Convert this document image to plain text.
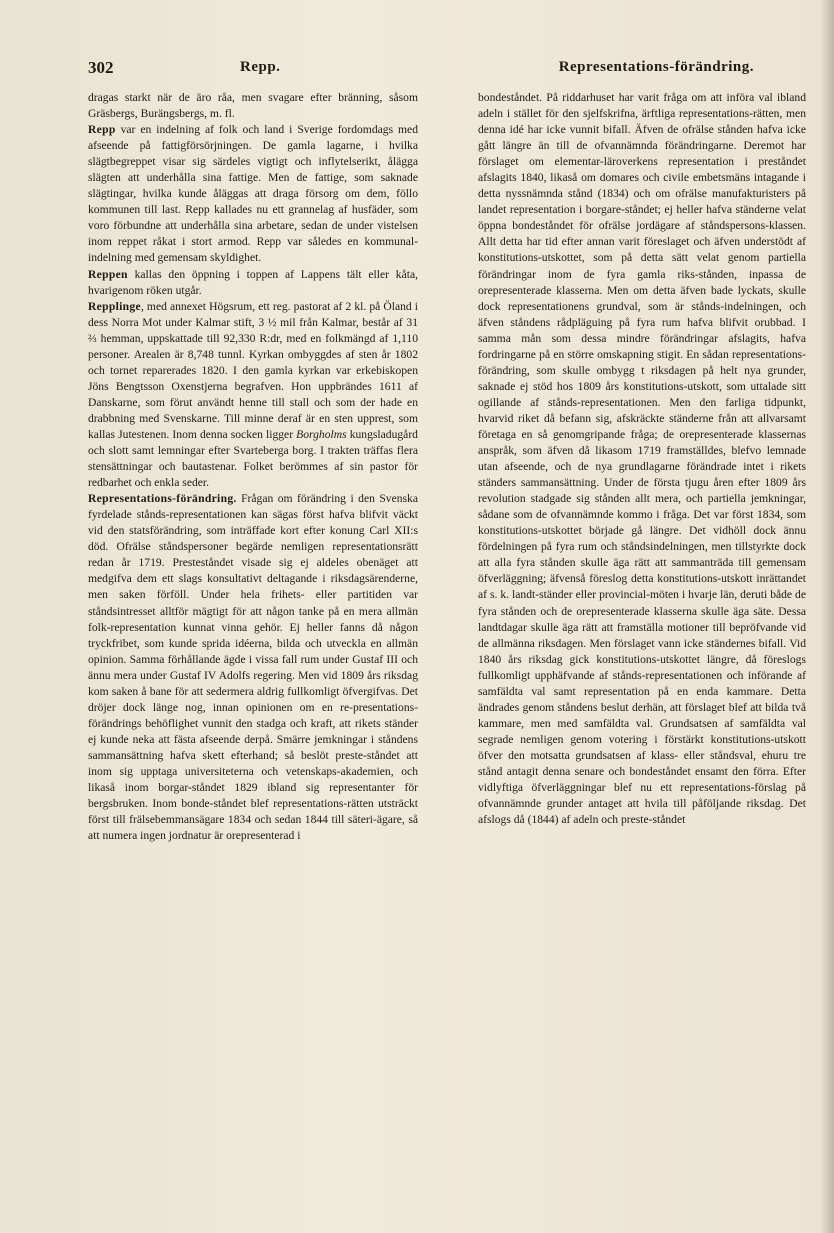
302	Repp.	Representations-förändring.

dragas starkt när de äro råa, men svagare efter bränning, såsom Gräsbergs, Burängsbergs, m. fl.

Repp var en indelning af folk och land i Sverige fordomdags med afseende på fattigförsörjningen. De gamla lagarne, i hvilka slägtbegreppet visar sig särdeles vigtigt och inflytelserikt, ålägga slägten att underhålla sina fattige. Men de fattige, som saknade slägtingar, hvilka kunde åläggas att draga försorg om dem, föllo kommunen till last. Repp kallades nu ett grannelag af husfäder, som voro förbundne att underhålla sina arbetare, sedan de under vistelsen inom reppet råkat i stort armod. Repp var således en kommunal-indelning med gemensam skyldighet.

Reppen kallas den öppning i toppen af Lappens tält eller kåta, hvarigenom röken utgår.

Repplinge, med annexet Högsrum, ett reg. pastorat af 2 kl. på Öland i dess Norra Mot under Kalmar stift, 3 ½ mil från Kalmar, består af 31 ⅔ hemman, uppskattade till 92,330 R:dr, med en folkmängd af 1,110 personer. Arealen är 8,748 tunnl. Kyrkan ombyggdes af sten år 1802 och tornet reparerades 1820. I den gamla kyrkan var erkebiskopen Jöns Bengtsson Oxenstjerna begrafven. Hon uppbrändes 1611 af Danskarne, som förut användt henne till stall och som der hade en drabbning med Svenskarne. Till minne deraf är en sten upprest, som kallas Jutestenen. Inom denna socken ligger Borgholms kungsladugård och slott samt lemningar efter Svarteberga borg. I trakten träffas flera stensättningar och bautastenar. Folket berömmes af sin pastor för redbarhet och enkla seder.

Representations-förändring. Frågan om förändring i den Svenska fyrdelade stånds-representationen kan sägas först hafva blifvit väckt vid den statsförändring, som inträffade kort efter konung Carl XII:s död. Ofrälse ståndspersoner begärde nemligen representationsrätt redan år 1719. Presteståndet visade sig ej aldeles obenäget att medgifva dem ett slags konsultativt deltagande i riksdagsärenderne, men saken förföll. Under hela frihets- eller partitiden var ståndsintresset alltför mägtigt för att någon tanke på en mera allmän folk-representation kunnat vinna gehör. Ej heller fanns då någon tryckfribet, som kunde sprida idéerna, bilda och utveckla en allmän opinion. Samma förhållande ägde i vissa fall rum under Gustaf III och ännu mera under Gustaf IV Adolfs regering. Men vid 1809 års riksdag kom saken å bane för att sedermera aldrig fullkomligt öfvergifvas. Det dröjer dock länge nog, innan opinionen om en re-presentations-förändrings behöflighet vunnit den stadga och kraft, att rikets ständer ej kunde neka att fästa afseende derpå. Smärre jemkningar i ståndens sammansättning hafva skett efterhand; så beslöt preste-ståndet att inom sig upptaga universiteterna och vetenskaps-akademien, och likaså inom borgar-ståndet 1829 ibland sig representanter för bergsbruken. Inom bonde-ståndet blef representations-rätten utsträckt först till frälsebemmansägare 1834 och sedan 1844 till säteri-ägare, så att numera ingen jordnatur är orepresenterad i

bondeståndet. På riddarhuset har varit fråga om att införa val ibland adeln i stället för den sjelfskrifna, ärftliga representations-rätten, men denna idé har icke vunnit bifall. Äfven de ofrälse stånden hafva icke gått längre än till de ofvannämnda förändringarne. Deremot har förslaget om elementar-läroverkens representation i preståndet afslagits 1840, likaså om domares och civile embetsmäns intagande i detta nyssnämnda stånd (1834) och om ofrälse manufakturisters på landet representation i borgare-ståndet; ej heller hafva ständerne velat öppna bondeståndet för ofrälse jordägare af ståndspersons-klassen. Allt detta har tid efter annan varit föreslaget och äfven understödt af konstitutions-utskottet, som på detta sätt velat genom partiella förändringar inom de fyra gamla riks-stånden, inpassa de orepresenterade klasserna. Men om detta äfven bade lyckats, skulle dock representationens grundval, som är stånds-indelningen, och äfven ståndens rådpläguing på fyra rum hafva blifvit orubbad. I samma mån som dessa mindre förändringar afslagits, hafva fordringarne på en större omskapning stigit. En sådan representations-förändring, som skulle ombygg t riksdagen på helt nya grunder, saknade ej stöd hos 1809 års konstitutions-utskott, som uttalade sitt ogillande af stånds-representationen. Men den farliga tidpunkt, hvarvid riket då befann sig, afskräckte ständerne från att allvarsamt företaga en så genomgripande fråga; de orepresenterade klassernas anspråk, som äfven då likasom 1719 framställdes, blefvo lemnade utan afseende, och de nya grundlagarne förändrade intet i rikets ständers sammansättning. Under de första tjugu åren efter 1809 års revolution stadgade sig stånden allt mera, och partiella jemkningar, sådane som de ofvannämnde kommo i fråga. Det var först 1834, som konstitutions-utskottet började gå längre. Det vidhöll dock ännu fördelningen på fyra rum och ståndsindelningen, men tillstyrkte dock att alla fyra stånden skulle äga rätt att sammanträda till gemensam öfverläggning; äfvenså föreslog detta konstitutions-utskott inrättandet af s. k. landt-ständer eller provincial-möten i hvarje län, deruti både de fyra stånden och de orepresenterade klasserna skulle äga säte. Dessa landtdagar skulle äga rätt att framställa motioner till bepröfvande vid de allmänna riksdagen. Men förslaget vann icke ständernes bifall. Vid 1840 års riksdag gick konstitutions-utskottet längre, då föreslogs fullkomligt upphäfvande af stånds-representationen och införande af samfäldta val samt representation på en enda kammare. Detta ändrades genom ståndens beslut derhän, att förslaget blef att bilda två kammare, men med samfäldta val. Grundsatsen af samfäldta val segrade nemligen genom votering i förstärkt konstitutions-utskott öfver den motsatta grundsatsen af klass- eller ståndsval, ehuru tre stånd antagit denna senare och bondeståndet ensamt den förra. Efter vidlyftiga öfverläggningar blef nu ett representations-förslag på ofvannämnde grunder antaget att hvila till påföljande riksdag. Det afslogs då (1844) af adeln och preste-ståndet
